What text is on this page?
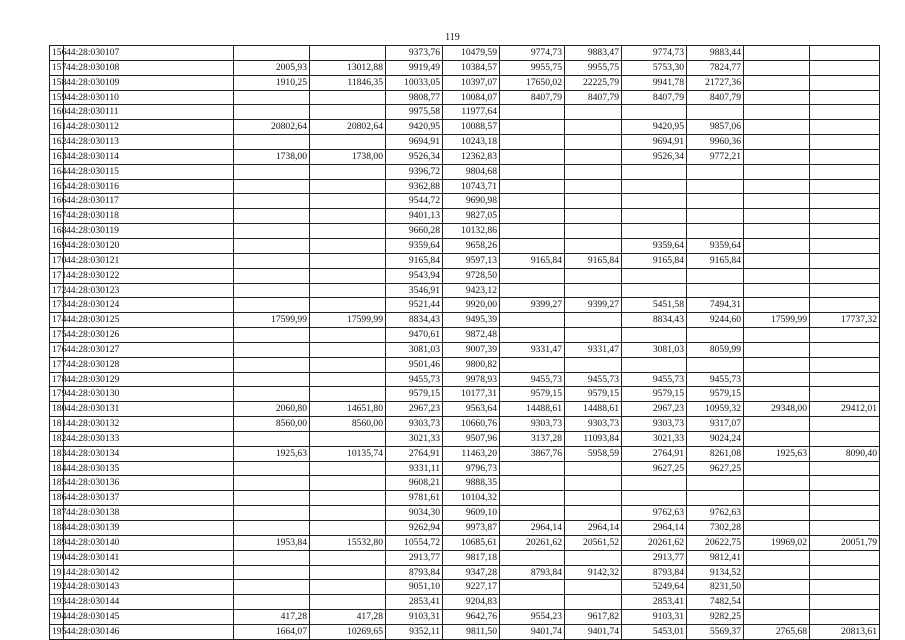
119
156	44:28:030107			9373,76	10479,59	9774,73	9883,47	9774,73	9883,44		
157	44:28:030108	2005,93	13012,88	9919,49	10384,57	9955,75	9955,75	5753,30	7824,77		
158	44:28:030109	1910,25	11846,35	10033,05	10397,07	17650,02	22225,79	9941,78	21727,36		
159	44:28:030110			9808,77	10084,07	8407,79	8407,79	8407,79	8407,79		
160	44:28:030111			9975,58	11977,64						
161	44:28:030112	20802,64	20802,64	9420,95	10088,57			9420,95	9857,06		
162	44:28:030113			9694,91	10243,18			9694,91	9960,36		
163	44:28:030114	1738,00	1738,00	9526,34	12362,83			9526,34	9772,21		
164	44:28:030115			9396,72	9804,68						
165	44:28:030116			9362,88	10743,71						
166	44:28:030117			9544,72	9690,98						
167	44:28:030118			9401,13	9827,05						
168	44:28:030119			9660,28	10132,86						
169	44:28:030120			9359,64	9658,26			9359,64	9359,64		
170	44:28:030121			9165,84	9597,13	9165,84	9165,84	9165,84	9165,84		
171	44:28:030122			9543,94	9728,50						
172	44:28:030123			3546,91	9423,12						
173	44:28:030124			9521,44	9920,00	9399,27	9399,27	5451,58	7494,31		
174	44:28:030125	17599,99	17599,99	8834,43	9495,39			8834,43	9244,60	17599,99	17737,32
175	44:28:030126			9470,61	9872,48						
176	44:28:030127			3081,03	9007,39	9331,47	9331,47	3081,03	8059,99		
177	44:28:030128			9501,46	9800,82						
178	44:28:030129			9455,73	9978,93	9455,73	9455,73	9455,73	9455,73		
179	44:28:030130			9579,15	10177,31	9579,15	9579,15	9579,15	9579,15		
180	44:28:030131	2060,80	14651,80	2967,23	9563,64	14488,61	14488,61	2967,23	10959,32	29348,00	29412,01
181	44:28:030132	8560,00	8560,00	9303,73	10660,76	9303,73	9303,73	9303,73	9317,07		
182	44:28:030133			3021,33	9507,96	3137,28	11093,84	3021,33	9024,24		
183	44:28:030134	1925,63	10135,74	2764,91	11463,20	3867,76	5958,59	2764,91	8261,08	1925,63	8090,40
184	44:28:030135			9331,11	9796,73			9627,25	9627,25		
185	44:28:030136			9608,21	9888,35						
186	44:28:030137			9781,61	10104,32						
187	44:28:030138			9034,30	9609,10			9762,63	9762,63		
188	44:28:030139			9262,94	9973,87	2964,14	2964,14	2964,14	7302,28		
189	44:28:030140	1953,84	15532,80	10554,72	10685,61	20261,62	20561,52	20261,62	20622,75	19969,02	20051,79
190	44:28:030141			2913,77	9817,18			2913,77	9812,41		
191	44:28:030142			8793,84	9347,28	8793,84	9142,32	8793,84	9134,52		
192	44:28:030143			9051,10	9227,17			5249,64	8231,50		
193	44:28:030144			2853,41	9204,83			2853,41	7482,54		
194	44:28:030145	417,28	417,28	9103,31	9642,76	9554,23	9617,82	9103,31	9282,25		
195	44:28:030146	1664,07	10269,65	9352,11	9811,50	9401,74	9401,74	5453,01	5569,37	2765,68	20813,61
